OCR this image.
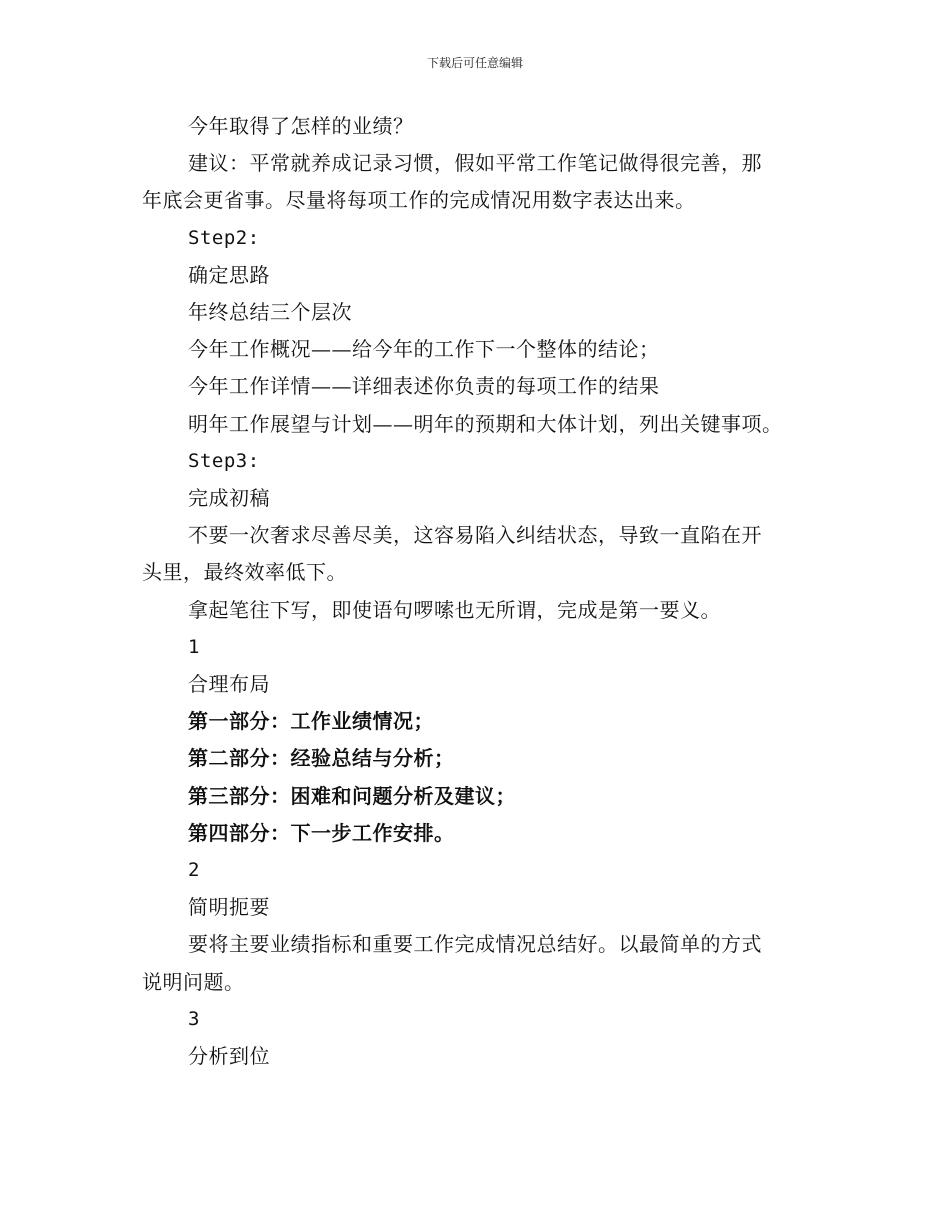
下载后可任意编辑
今年取得了怎样的业绩？
建议：平常就养成记录习惯，假如平常工作笔记做得很完善，那
年底会更省事。尽量将每项工作的完成情况用数字表达出来。
Step2:
确定思路
年终总结三个层次
今年工作概况——给今年的工作下一个整体的结论；
今年工作详情——详细表述你负责的每项工作的结果
明年工作展望与计划——明年的预期和大体计划，列出关键事项。
Step3:
完成初稿
不要一次奢求尽善尽美，这容易陷入纠结状态，导致一直陷在开
头里，最终效率低下。
拿起笔往下写，即使语句啰嗦也无所谓，完成是第一要义。
1
合理布局
第一部分：工作业绩情况；
第二部分：经验总结与分析；
第三部分：困难和问题分析及建议；
第四部分：下一步工作安排。
2
简明扼要
要将主要业绩指标和重要工作完成情况总结好。以最简单的方式
说明问题。
3
分析到位
